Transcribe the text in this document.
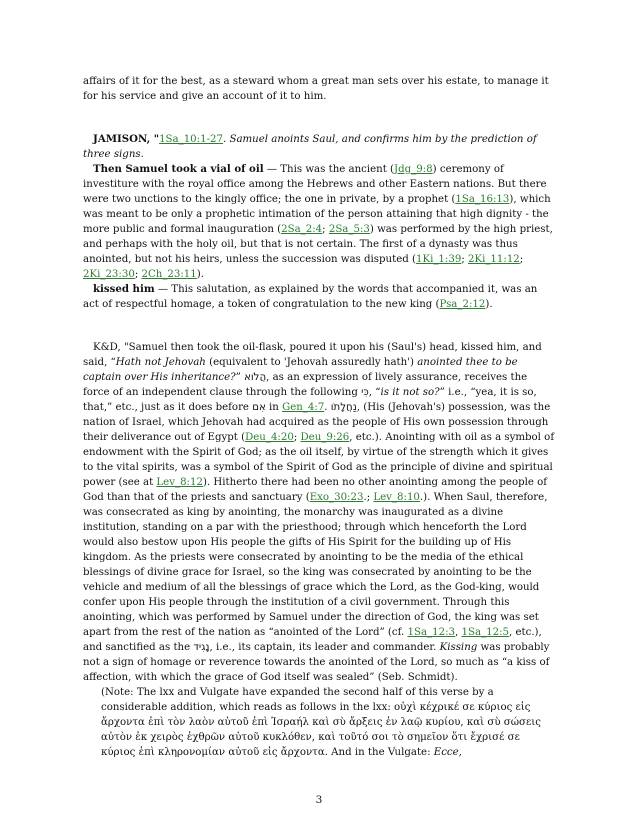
affairs of it for the best, as a steward whom a great man sets over his estate, to manage it for his service and give an account of it to him.

JAMISON, "1Sa_10:1-27. Samuel anoints Saul, and confirms him by the prediction of three signs.

Then Samuel took a vial of oil — This was the ancient (Jdg_9:8) ceremony of investiture with the royal office among the Hebrews and other Eastern nations. But there were two unctions to the kingly office; the one in private, by a prophet (1Sa_16:13), which was meant to be only a prophetic intimation of the person attaining that high dignity - the more public and formal inauguration (2Sa_2:4; 2Sa_5:3) was performed by the high priest, and perhaps with the holy oil, but that is not certain. The first of a dynasty was thus anointed, but not his heirs, unless the succession was disputed (1Ki_1:39; 2Ki_11:12; 2Ki_23:30; 2Ch_23:11).

kissed him — This salutation, as explained by the words that accompanied it, was an act of respectful homage, a token of congratulation to the new king (Psa_2:12).

K&D, "Samuel then took the oil-flask, poured it upon his (Saul's) head, kissed him, and said, “Hath not Jehovah (equivalent to 'Jehovah assuredly hath') anointed thee to be captain over His inheritance?” הֲלֹוא, as an expression of lively assurance, receives the force of an independent clause through the following כִּי, “is it not so?” i.e., “yea, it is so, that,” etc., just as it does before אִם in Gen_4:7. נַחֲלָתֹו, (His (Jehovah's) possession, was the nation of Israel, which Jehovah had acquired as the people of His own possession through their deliverance out of Egypt (Deu_4:20; Deu_9:26, etc.). Anointing with oil as a symbol of endowment with the Spirit of God; as the oil itself, by virtue of the strength which it gives to the vital spirits, was a symbol of the Spirit of God as the principle of divine and spiritual power (see at Lev_8:12). Hitherto there had been no other anointing among the people of God than that of the priests and sanctuary (Exo_30:23.; Lev_8:10.). When Saul, therefore, was consecrated as king by anointing, the monarchy was inaugurated as a divine institution, standing on a par with the priesthood; through which henceforth the Lord would also bestow upon His people the gifts of His Spirit for the building up of His kingdom. As the priests were consecrated by anointing to be the media of the ethical blessings of divine grace for Israel, so the king was consecrated by anointing to be the vehicle and medium of all the blessings of grace which the Lord, as the God-king, would confer upon His people through the institution of a civil government. Through this anointing, which was performed by Samuel under the direction of God, the king was set apart from the rest of the nation as “anointed of the Lord” (cf. 1Sa_12:3, 1Sa_12:5, etc.), and sanctified as the נָגִיד, i.e., its captain, its leader and commander. Kissing was probably not a sign of homage or reverence towards the anointed of the Lord, so much as “a kiss of affection, with which the grace of God itself was sealed” (Seb. Schmidt).

(Note: The lxx and Vulgate have expanded the second half of this verse by a considerable addition, which reads as follows in the lxx: οὐχὶ κέχρικέ σε κύριος εἰς ἄρχοντα ἐπὶ τὸν λαὸν αὐτοῦ ἐπὶ Ἰσραήλ καὶ σὺ ἄρξεις ἐν λαῷ κυρίου, καὶ σὺ σώσεις αὐτὸν ἐκ χειρὸς ἐχθρῶν αὐτοῦ κυκλόθεν, καὶ τοῦτό σοι τὸ σημεῖον ὅτι ἔχρισέ σε κύριος ἐπὶ κληρονομίαν αὐτοῦ εἰς ἄρχοντα. And in the Vulgate: Ecce,

3
